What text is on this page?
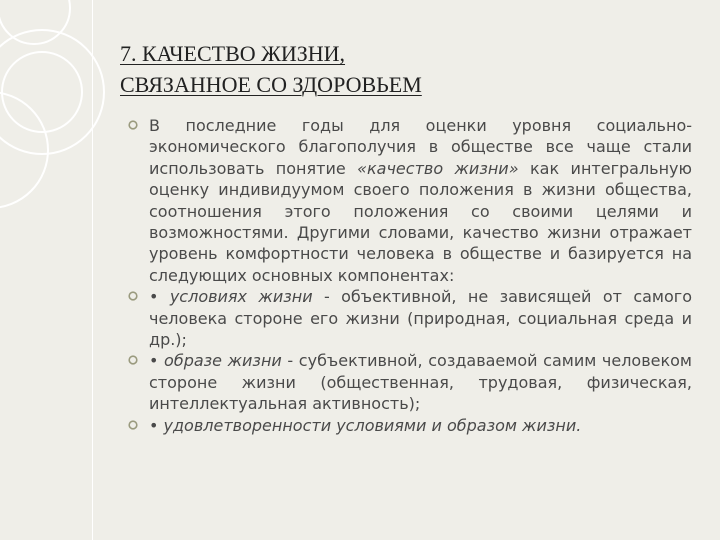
7. КАЧЕСТВО ЖИЗНИ,
СВЯЗАННОЕ СО ЗДОРОВЬЕМ
В последние годы для оценки уровня социально-экономического благополучия в обществе все чаще стали использовать понятие «качество жизни» как интегральную оценку индивидуумом своего положения в жизни общества, соотношения этого положения со своими целями и возможностями. Другими словами, качество жизни отражает уровень комфортности человека в обществе и базируется на следующих основных компонентах:
• условиях жизни - объективной, не зависящей от самого человека стороне его жизни (природная, социальная среда и др.);
• образе жизни - субъективной, создаваемой самим человеком стороне жизни (общественная, трудовая, физическая, интеллектуальная активность);
• удовлетворенности условиями и образом жизни.
